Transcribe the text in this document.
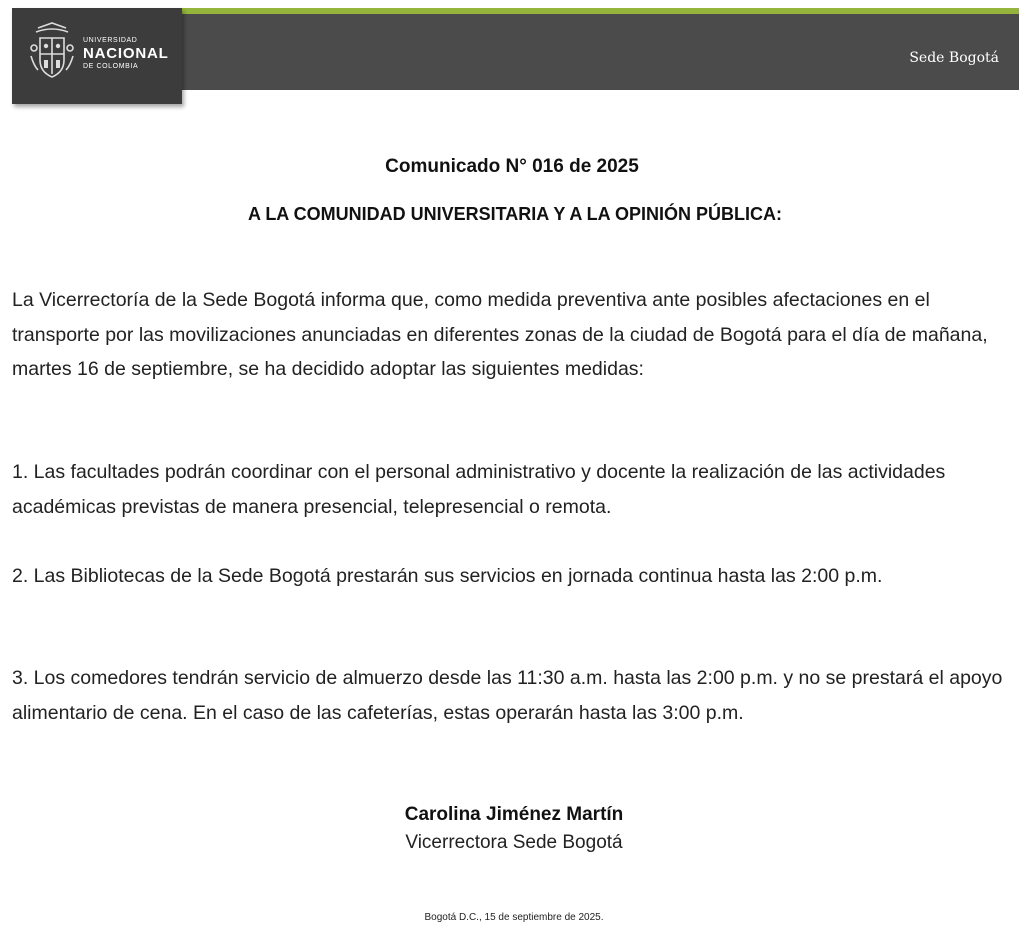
Sede Bogotá
UNIVERSIDAD
NACIONAL
DE COLOMBIA
Comunicado N° 016 de 2025
A LA COMUNIDAD UNIVERSITARIA Y A LA OPINIÓN PÚBLICA:

La Vicerrectoría de la Sede Bogotá informa que, como medida preventiva ante posibles afectaciones en el transporte por las movilizaciones anunciadas en diferentes zonas de la ciudad de Bogotá para el día de mañana, martes 16 de septiembre, se ha decidido adoptar las siguientes medidas:

1. Las facultades podrán coordinar con el personal administrativo y docente la realización de las actividades académicas previstas de manera presencial, telepresencial o remota.

2. Las Bibliotecas de la Sede Bogotá prestarán sus servicios en jornada continua hasta las 2:00 p.m.

3. Los comedores tendrán servicio de almuerzo desde las 11:30 a.m. hasta las 2:00 p.m. y no se prestará el apoyo alimentario de cena. En el caso de las cafeterías, estas operarán hasta las 3:00 p.m.

Carolina Jiménez Martín
Vicerrectora Sede Bogotá
Bogotá D.C., 15 de septiembre de 2025.
